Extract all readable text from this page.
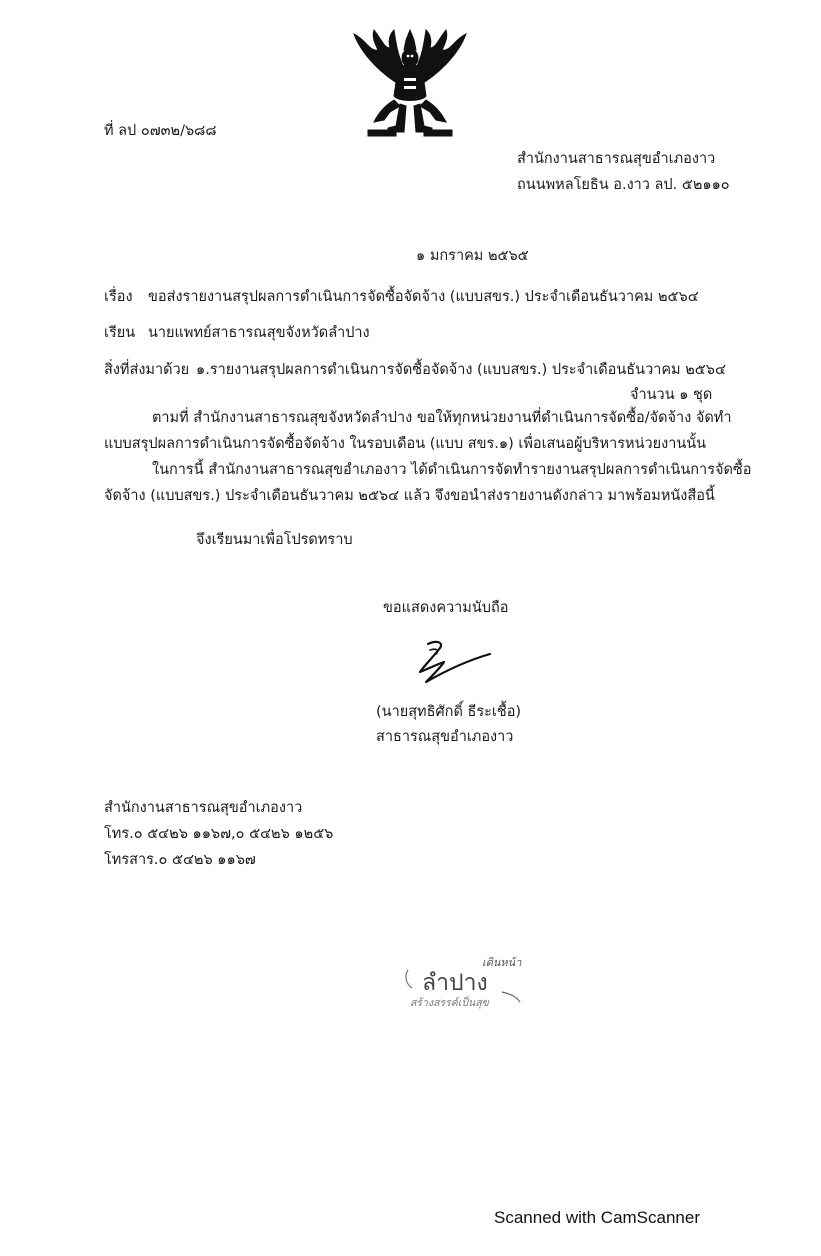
ที่ ลป ๐๗๓๒/๖๘๘
สำนักงานสาธารณสุขอำเภองาว
ถนนพหลโยธิน อ.งาว ลป. ๕๒๑๑๐
๑ มกราคม ๒๕๖๕
เรื่อง ขอส่งรายงานสรุปผลการดำเนินการจัดซื้อจัดจ้าง (แบบสขร.) ประจำเดือนธันวาคม ๒๕๖๔
เรียน นายแพทย์สาธารณสุขจังหวัดลำปาง
สิ่งที่ส่งมาด้วย ๑.รายงานสรุปผลการดำเนินการจัดซื้อจัดจ้าง (แบบสขร.) ประจำเดือนธันวาคม ๒๕๖๔
จำนวน ๑ ชุด
ตามที่ สำนักงานสาธารณสุขจังหวัดลำปาง ขอให้ทุกหน่วยงานที่ดำเนินการจัดซื้อ/จัดจ้าง จัดทำ
แบบสรุปผลการดำเนินการจัดซื้อจัดจ้าง ในรอบเดือน (แบบ สขร.๑) เพื่อเสนอผู้บริหารหน่วยงานนั้น
ในการนี้ สำนักงานสาธารณสุขอำเภองาว ได้ดำเนินการจัดทำรายงานสรุปผลการดำเนินการจัดซื้อ
จัดจ้าง (แบบสขร.) ประจำเดือนธันวาคม ๒๕๖๔ แล้ว จึงขอนำส่งรายงานดังกล่าว มาพร้อมหนังสือนี้
จึงเรียนมาเพื่อโปรดทราบ
ขอแสดงความนับถือ
(นายสุทธิศักดิ์ ธีระเชื้อ)
สาธารณสุขอำเภองาว
สำนักงานสาธารณสุขอำเภองาว
โทร.๐ ๕๔๒๖ ๑๑๖๗,๐ ๕๔๒๖ ๑๒๕๖
โทรสาร.๐ ๕๔๒๖ ๑๑๖๗
เดินหน้า
ลำปาง
สร้างสรรค์เป็นสุข
Scanned with CamScanner
